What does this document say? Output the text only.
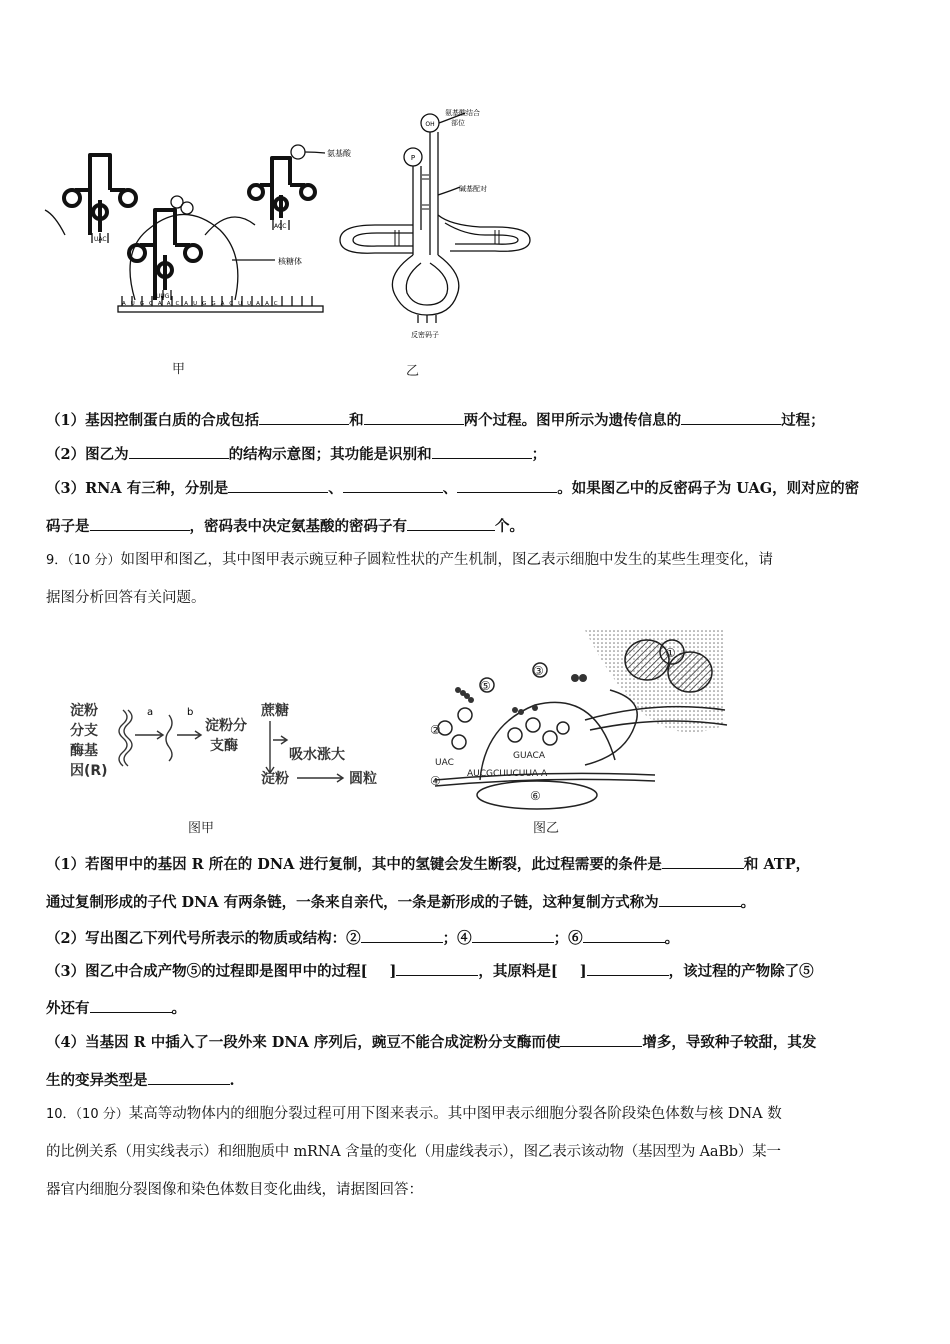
UAC
UUG
ACC
AUGCAACAUGGACUUAAC
氨基酸
核糖体
甲
OH
P
氨基酸结合
部位
碱基配对
反密码子
乙
（1）基因控制蛋白质的合成包括	和	两个过程。图甲所示为遗传信息的	过程；
（2）图乙为	的结构示意图；其功能是识别和	；
（3）RNA 有三种，分别是	、	、	。如果图乙中的反密码子为 UAG，则对应的密
码子是	，密码表中决定氨基酸的密码子有	个。
9．（10 分）如图甲和图乙，其中图甲表示豌豆种子圆粒性状的产生机制，图乙表示细胞中发生的某些生理变化，请
据图分析回答有关问题。
淀粉
分支
酶基
因(R)
淀粉分
支酶
蔗糖
吸水涨大
淀粉	圆粒
a	b
图甲
③
⑤
①
②
④
⑥
UAC
GUACA
AUCGCUUCUUA A
图乙
（1）若图甲中的基因 R 所在的 DNA 进行复制，其中的氢键会发生断裂，此过程需要的条件是	和 ATP，
通过复制形成的子代 DNA 有两条链，一条来自亲代，一条是新形成的子链，这种复制方式称为	。
（2）写出图乙下列代号所表示的物质或结构：②	；④	；⑥	。
（3）图乙中合成产物⑤的过程即是图甲中的过程[ ]	，其原料是[ ]	，该过程的产物除了⑤
外还有	。
（4）当基因 R 中插入了一段外来 DNA 序列后，豌豆不能合成淀粉分支酶而使	增多，导致种子较甜，其发
生的变异类型是	.
10．（10 分）某高等动物体内的细胞分裂过程可用下图来表示。其中图甲表示细胞分裂各阶段染色体数与核 DNA 数
的比例关系（用实线表示）和细胞质中 mRNA 含量的变化（用虚线表示），图乙表示该动物（基因型为 AaBb）某一
器官内细胞分裂图像和染色体数目变化曲线，请据图回答：
